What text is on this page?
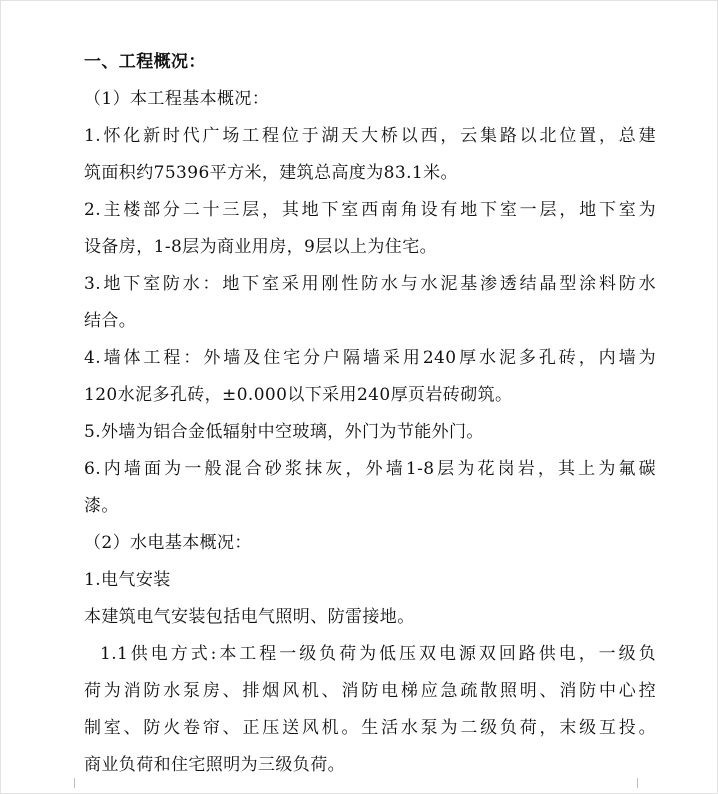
一、工程概况：
（1）本工程基本概况：
1.怀化新时代广场工程位于湖天大桥以西，云集路以北位置，总建
筑面积约75396平方米，建筑总高度为83.1米。
2.主楼部分二十三层，其地下室西南角设有地下室一层，地下室为
设备房，1-8层为商业用房，9层以上为住宅。
3.地下室防水：地下室采用刚性防水与水泥基渗透结晶型涂料防水
结合。
4.墙体工程：外墙及住宅分户隔墙采用240厚水泥多孔砖，内墙为
120水泥多孔砖，±0.000以下采用240厚页岩砖砌筑。
5.外墙为铝合金低辐射中空玻璃，外门为节能外门。
6.内墙面为一般混合砂浆抹灰，外墙1-8层为花岗岩，其上为氟碳
漆。
（2）水电基本概况：
1.电气安装
本建筑电气安装包括电气照明、防雷接地。
1.1供电方式:本工程一级负荷为低压双电源双回路供电，一级负
荷为消防水泵房、排烟风机、消防电梯应急疏散照明、消防中心控
制室、防火卷帘、正压送风机。生活水泵为二级负荷，末级互投。
商业负荷和住宅照明为三级负荷。
